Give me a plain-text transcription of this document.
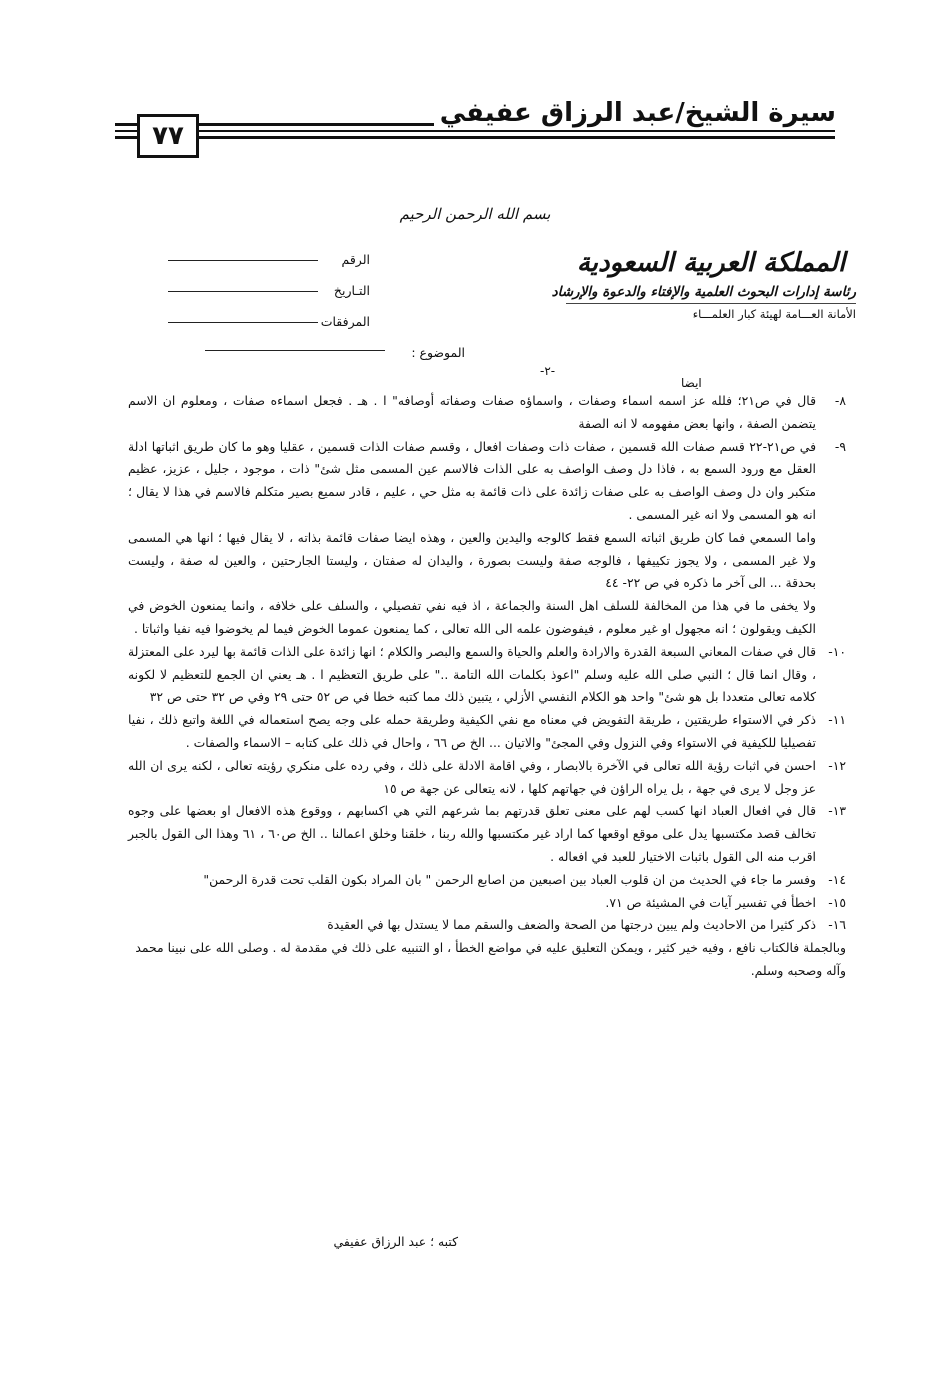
سيرة الشيخ/عبد الرزاق عفيفي
٧٧
بسم الله الرحمن الرحيم
المملكة العربية السعودية
رئاسة إدارات البحوث العلمية والإفتاء والدعوة والإرشاد
الأمانة العـــامة لهيئة كبار العلمـــاء
الرقم
التـاريخ
المرفقات
الموضوع :
-٢-
ايضا
٨-
قال في ص٢١؛ فلله عز اسمه اسماء وصفات ، واسماؤه صفات وصفاته أوصافه" ا . هـ . فجعل اسماءه صفات ، ومعلوم ان الاسم يتضمن الصفة ، وانها بعض مفهومه لا انه الصفة
٩-
في ص٢١-٢٢ قسم صفات الله قسمين ، صفات ذات وصفات افعال ، وقسم صفات الذات قسمين ، عقليا وهو ما كان طريق اثباتها ادلة العقل مع ورود السمع به ، فاذا دل وصف الواصف به على الذات فالاسم عين المسمى مثل شئ" ذات ، موجود ، جليل ، عزيز، عظيم متكبر وان دل وصف الواصف به على صفات زائدة على ذات قائمة به مثل حي ، عليم ، قادر سميع بصير متكلم فالاسم في هذا لا يقال ؛ انه هو المسمى ولا انه غير المسمى .
واما السمعي فما كان طريق اثباته السمع فقط كالوجه واليدين والعين ، وهذه ايضا صفات قائمة بذاته ، لا يقال فيها ؛ انها هي المسمى ولا غير المسمى ، ولا يجوز تكييفها ، فالوجه صفة وليست بصورة ، واليدان له صفتان ، وليستا الجارحتين ، والعين له صفة ، وليست بحدقة ... الى آخر ما ذكره في ص ٢٢- ٤٤
ولا يخفى ما في هذا من المخالفة للسلف اهل السنة والجماعة ، اذ فيه نفي تفصيلي ، والسلف على خلافه ، وانما يمنعون الخوض في الكيف ويقولون ؛ انه مجهول او غير معلوم ، فيفوضون علمه الى الله تعالى ، كما يمنعون عموما الخوض فيما لم يخوضوا فيه نفيا واثباتا .
١٠-
قال في صفات المعاني السبعة القدرة والارادة والعلم والحياة والسمع والبصر والكلام ؛ انها زائدة على الذات قائمة بها ليرد على المعتزلة ، وقال انما قال ؛ النبي صلى الله عليه وسلم "اعوذ بكلمات الله التامة .." على طريق التعظيم ا . هـ يعني ان الجمع للتعظيم لا لكونه كلامه تعالى متعددا بل هو شئ" واحد هو الكلام النفسي الأزلي ، يتبين ذلك مما كتبه خطا في ص ٥٢ حتى ٢٩ وفي ص ٣٢ حتى ص ٣٢
١١-
ذكر في الاستواء طريقتين ، طريقة التفويض في معناه مع نفي الكيفية وطريقة حمله على وجه يصح استعماله في اللغة واتبع ذلك ، نفيا تفصيليا للكيفية في الاستواء وفي النزول وفي المجئ" والاتيان ... الخ ص ٦٦ ، واحال في ذلك على كتابه – الاسماء والصفات .
١٢-
احسن في اثبات رؤية الله تعالى في الآخرة بالابصار ، وفي اقامة الادلة على ذلك ، وفي رده على منكري رؤيته تعالى ، لكنه يرى ان الله عز وجل لا يرى في جهة ، بل يراه الراؤن في جهاتهم كلها ، لانه يتعالى عن جهة ص ١٥
١٣-
قال في افعال العباد انها كسب لهم على معنى تعلق قدرتهم بما شرعهم التي هي اكسابهم ، ووقوع هذه الافعال او بعضها على وجوه تخالف قصد مكتسبها يدل على موقع اوقعها كما اراد غير مكتسبها والله ربنا ، خلقنا وخلق اعمالنا .. الخ ص٦٠ ، ٦١ وهذا الى القول بالجبر اقرب منه الى القول باثبات الاختيار للعبد في افعاله .
١٤-
وفسر ما جاء في الحديث من ان قلوب العباد بين اصبعين من اصابع الرحمن " بان المراد بكون القلب تحت قدرة الرحمن"
١٥-
اخطأ في تفسير آيات في المشيئة ص ٧١.
١٦-
ذكر كثيرا من الاحاديث ولم يبين درجتها من الصحة والضعف والسقم مما لا يستدل بها في العقيدة
وبالجملة فالكتاب نافع ، وفيه خير كثير ، ويمكن التعليق عليه في مواضع الخطأ ، او التنبيه على ذلك في مقدمة له . وصلى الله على نبينا محمد وآله وصحبه وسلم.
كتبه ؛ عبد الرزاق عفيفي
